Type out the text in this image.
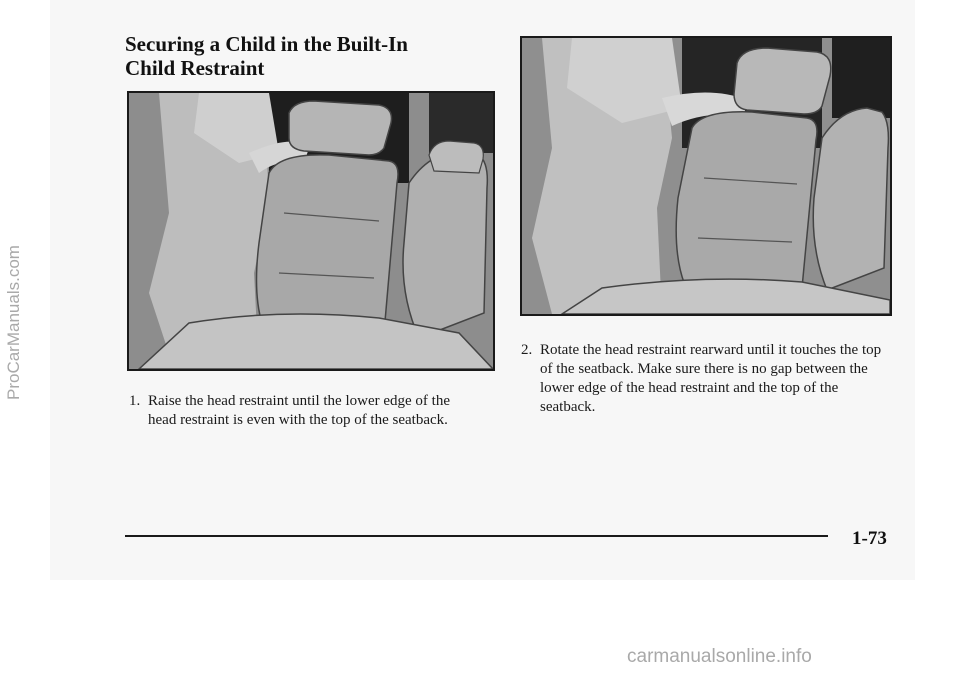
ProCarManuals.com
Securing a Child in the Built-In Child Restraint
1. Raise the head restraint until the lower edge of the head restraint is even with the top of the seatback.
2. Rotate the head restraint rearward until it touches the top of the seatback. Make sure there is no gap between the lower edge of the head restraint and the top of the seatback.
1-73
carmanualsonline.info
